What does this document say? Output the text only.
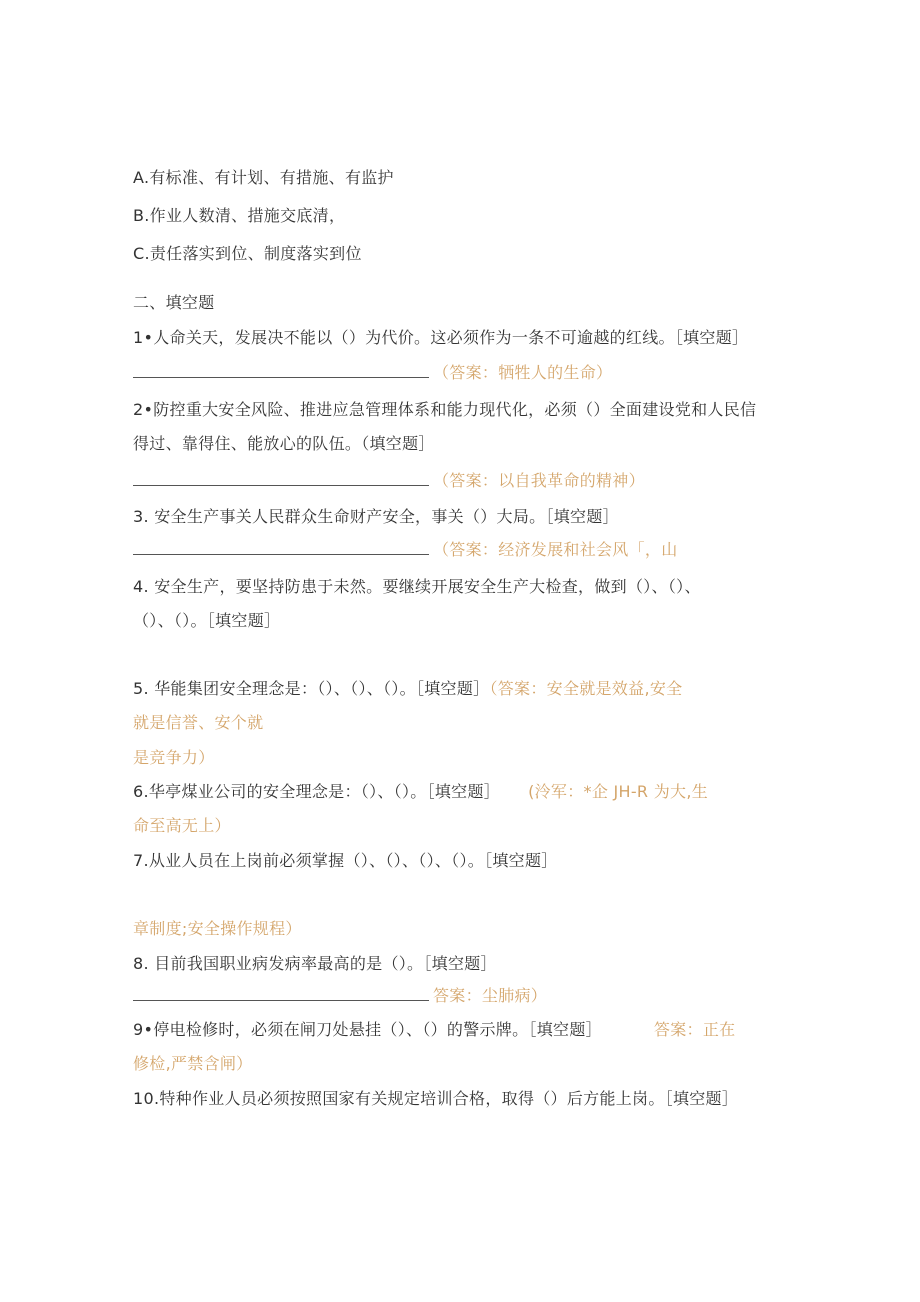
A.有标准、有计划、有措施、有监护
B.作业人数清、措施交底清，
C.责任落实到位、制度落实到位
二、填空题
1•人命关天，发展决不能以（）为代价。这必须作为一条不可逾越的红线。［填空题］
（答案：牺牲人的生命）
2•防控重大安全风险、推进应急管理体系和能力现代化，必须（）全面建设党和人民信
得过、靠得住、能放心的队伍。（填空题］
（答案：以自我革命的精神）
3. 安全生产事关人民群众生命财产安全，事关（）大局。［填空题］
（答案：经济发展和社会风「，山
4. 安全生产，要坚持防患于未然。要继续开展安全生产大检查，做到（）、（）、
（）、（）。［填空题］
5. 华能集团安全理念是：（）、（）、（）。［填空题］（答案：安全就是效益,安全
就是信誉、安个就
是竞争力）
6.华亭煤业公司的安全理念是：（）、（）。［填空题］ (泠军：*企 JH-R 为大,生
命至高无上）
7.从业人员在上岗前必须掌握（）、（）、（）、（）。［填空题］
章制度;安全操作规程）
8. 目前我国职业病发病率最高的是（）。［填空题］
答案：尘肺病）
9•停电检修时，必须在闸刀处悬挂（）、（）的警示牌。［填空题］	答案：正在
修检,严禁含闸）
10.特种作业人员必须按照国家有关规定培训合格，取得（）后方能上岗。［填空题］
